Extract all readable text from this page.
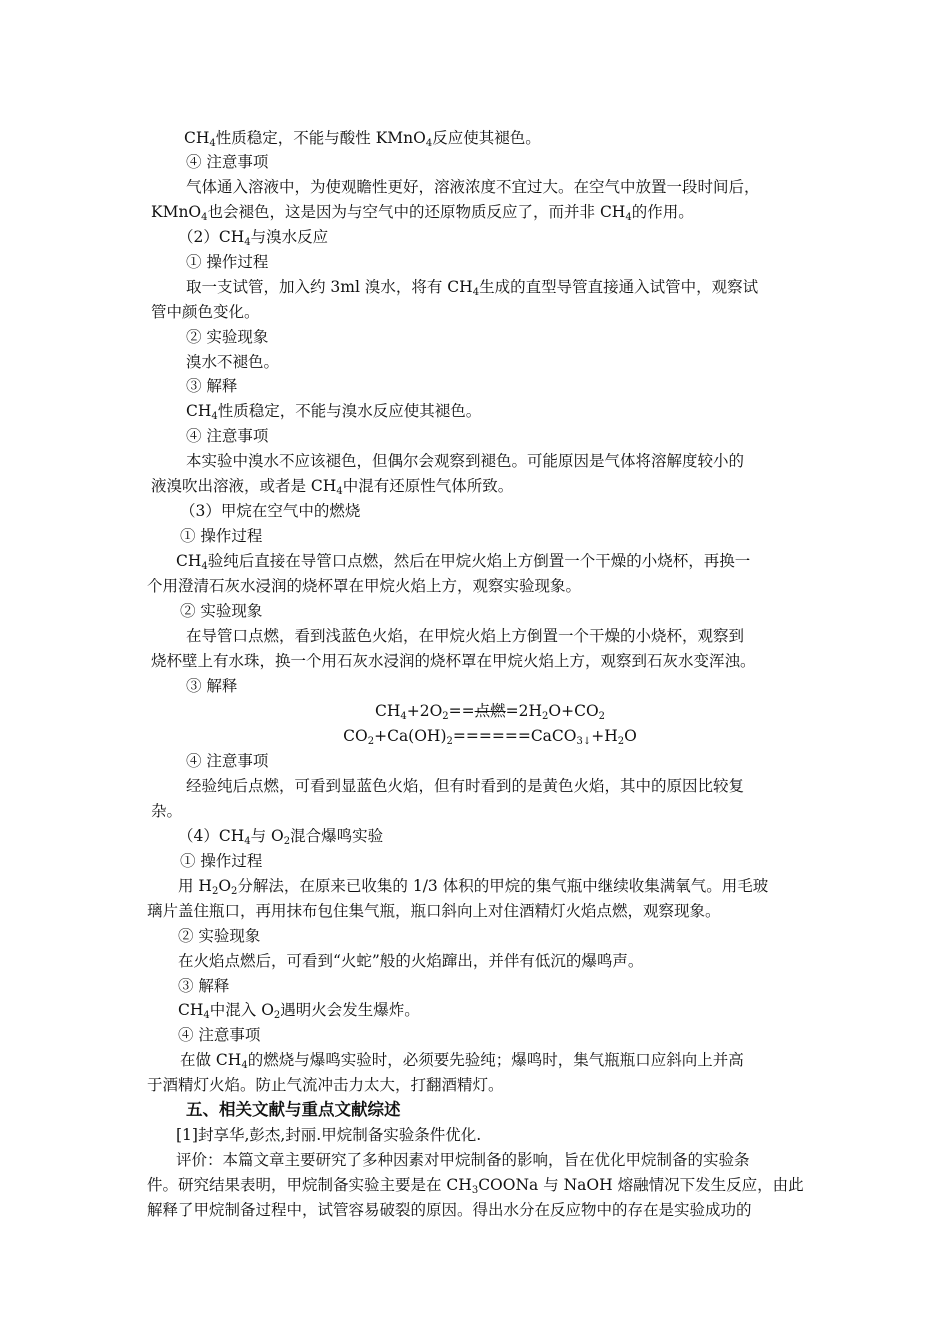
$CH_4$性质稳定，不能与酸性 KMnO$_4$反应使其褪色。
④ 注意事项
气体通入溶液中，为使观瞻性更好，溶液浓度不宜过大。在空气中放置一段时间后，
KMnO$_4$也会褪色，这是因为与空气中的还原物质反应了，而并非 $CH_4$的作用。
$(2)CH_4$与溴水反应
① 操作过程
取一支试管，加入约 3ml 溴水，将有 $CH_4$生成的直型导管直接通入试管中，观察试
管中颜色变化。
② 实验现象
溴水不褪色。
③ 解释
$CH_4$性质稳定，不能与溴水反应使其褪色。
④ 注意事项
本实验中溴水不应该褪色，但偶尔会观察到褪色。可能原因是气体将溶解度较小的
液溴吹出溶液，或者是 $CH_4$中混有还原性气体所致。
（3）甲烷在空气中的燃烧
① 操作过程
$CH_4$验纯后直接在导管口点燃，然后在甲烷火焰上方倒置一个干燥的小烧杯，再换一
个用澄清石灰水浸润的烧杯罩在甲烷火焰上方，观察实验现象。
② 实验现象
在导管口点燃，看到浅蓝色火焰，在甲烷火焰上方倒置一个干燥的小烧杯，观察到
烧杯壁上有水珠，换一个用石灰水浸润的烧杯罩在甲烷火焰上方，观察到石灰水变浑浊。
③ 解释
$CH_4+2O_2==$点燃$=2H_2O+CO_2$
$CO_2+Ca(OH)_2======CaCO_{3↓}+H_2O$
④ 注意事项
经验纯后点燃，可看到显蓝色火焰，但有时看到的是黄色火焰，其中的原因比较复
杂。
$(4)CH_4$与 $O_2$混合爆鸣实验
① 操作过程
用 $H_2O_2$分解法，在原来已收集的 1/3 体积的甲烷的集气瓶中继续收集满氧气。用毛玻
璃片盖住瓶口，再用抹布包住集气瓶，瓶口斜向上对住酒精灯火焰点燃，观察现象。
② 实验现象
在火焰点燃后，可看到“火蛇”般的火焰蹿出，并伴有低沉的爆鸣声。
③ 解释
$CH_4$中混入 $O_2$遇明火会发生爆炸。
④ 注意事项
在做 $CH_4$的燃烧与爆鸣实验时，必须要先验纯；爆鸣时，集气瓶瓶口应斜向上并高
于酒精灯火焰。防止气流冲击力太大，打翻酒精灯。
五、相关文献与重点文献综述
[1]封享华,彭杰,封丽.甲烷制备实验条件优化.
评价：本篇文章主要研究了多种因素对甲烷制备的影响，旨在优化甲烷制备的实验条
件。研究结果表明，甲烷制备实验主要是在 $CH_3COONa$ 与 NaOH 熔融情况下发生反应，由此
解释了甲烷制备过程中，试管容易破裂的原因。得出水分在反应物中的存在是实验成功的
